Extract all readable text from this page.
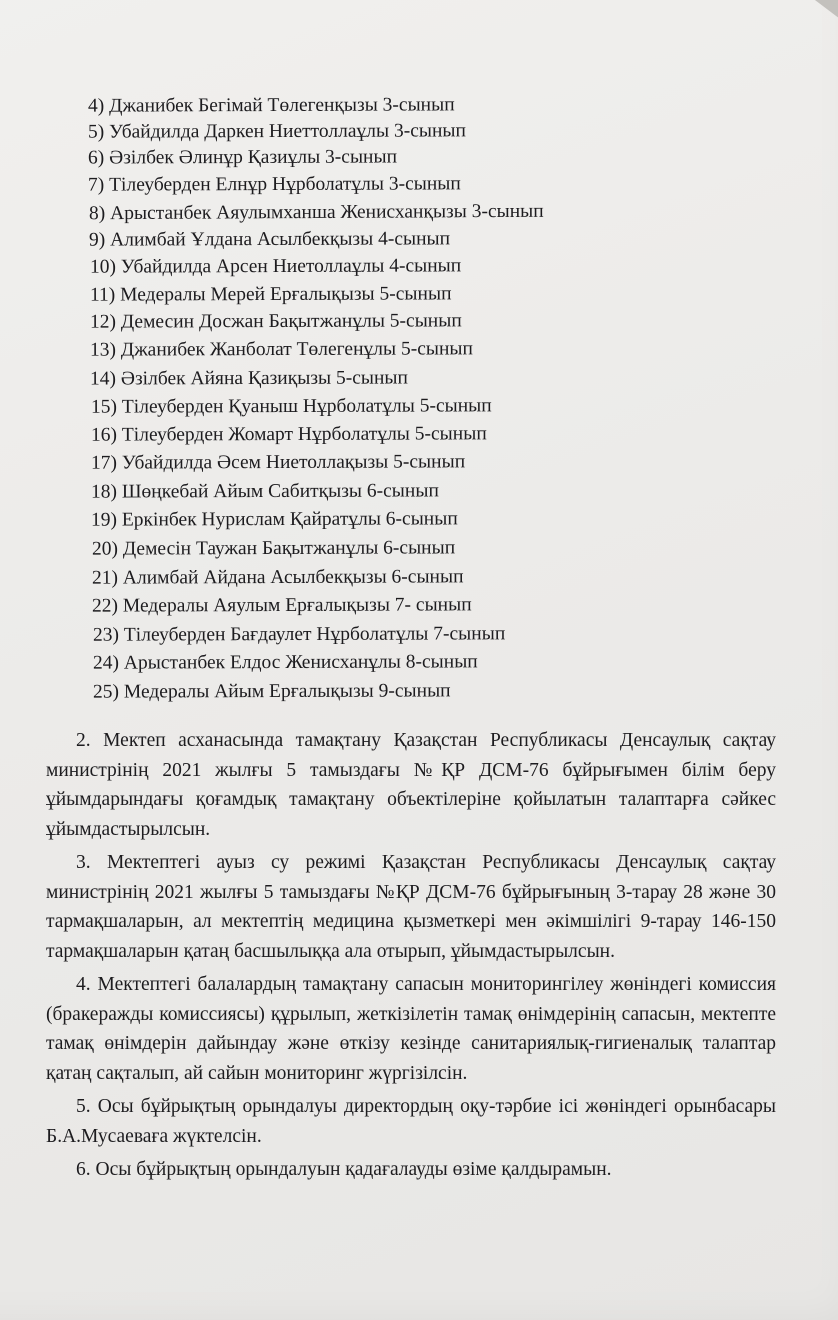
4) Джанибек Бегімай Төлегенқызы 3-сынып
5) Убайдилда Даркен Ниеттоллаұлы 3-сынып
6) Әзілбек Әлинұр Қазиұлы 3-сынып
7) Тілеуберден Елнұр Нұрболатұлы 3-сынып
8) Арыстанбек Аяулымханша Женисханқызы 3-сынып
9) Алимбай Ұлдана Асылбекқызы 4-сынып
10) Убайдилда Арсен Ниетоллаұлы 4-сынып
11) Медералы Мерей Ерғалықызы 5-сынып
12) Демесин Досжан Бақытжанұлы 5-сынып
13) Джанибек Жанболат Төлегенұлы 5-сынып
14) Әзілбек Айяна Қазиқызы 5-сынып
15) Тілеуберден Қуаныш Нұрболатұлы 5-сынып
16) Тілеуберден Жомарт Нұрболатұлы 5-сынып
17) Убайдилда Әсем Ниетоллақызы 5-сынып
18) Шөңкебай Айым Сабитқызы 6-сынып
19) Еркінбек Нурислам Қайратұлы 6-сынып
20) Демесін Таужан Бақытжанұлы 6-сынып
21) Алимбай Айдана Асылбекқызы 6-сынып
22) Медералы Аяулым Ерғалықызы 7- сынып
23) Тілеуберден Бағдаулет Нұрболатұлы 7-сынып
24) Арыстанбек Елдос Женисханұлы 8-сынып
25) Медералы Айым Ерғалықызы 9-сынып

2. Мектеп асханасында тамақтану Қазақстан Республикасы Денсаулық сақтау министрінің 2021 жылғы 5 тамыздағы №ҚР ДСМ-76 бұйрығымен білім беру ұйымдарындағы қоғамдық тамақтану объектілеріне қойылатын талаптарға сәйкес ұйымдастырылсын.

3. Мектептегі ауыз су режимі Қазақстан Республикасы Денсаулық сақтау министрінің 2021 жылғы 5 тамыздағы №ҚР ДСМ-76 бұйрығының 3-тарау 28 және 30 тармақшаларын, ал мектептің медицина қызметкері мен әкімшілігі 9-тарау 146-150 тармақшаларын қатаң басшылыққа ала отырып, ұйымдастырылсын.

4. Мектептегі балалардың тамақтану сапасын мониторингілеу жөніндегі комиссия (бракеражды комиссиясы) құрылып, жеткізілетін тамақ өнімдерінің сапасын, мектепте тамақ өнімдерін дайындау және өткізу кезінде санитариялық-гигиеналық талаптар қатаң сақталып, ай сайын мониторинг жүргізілсін.

5. Осы бұйрықтың орындалуы директордың оқу-тәрбие ісі жөніндегі орынбасары Б.А.Мусаеваға жүктелсін.

6. Осы бұйрықтың орындалуын қадағалауды өзіме қалдырамын.
